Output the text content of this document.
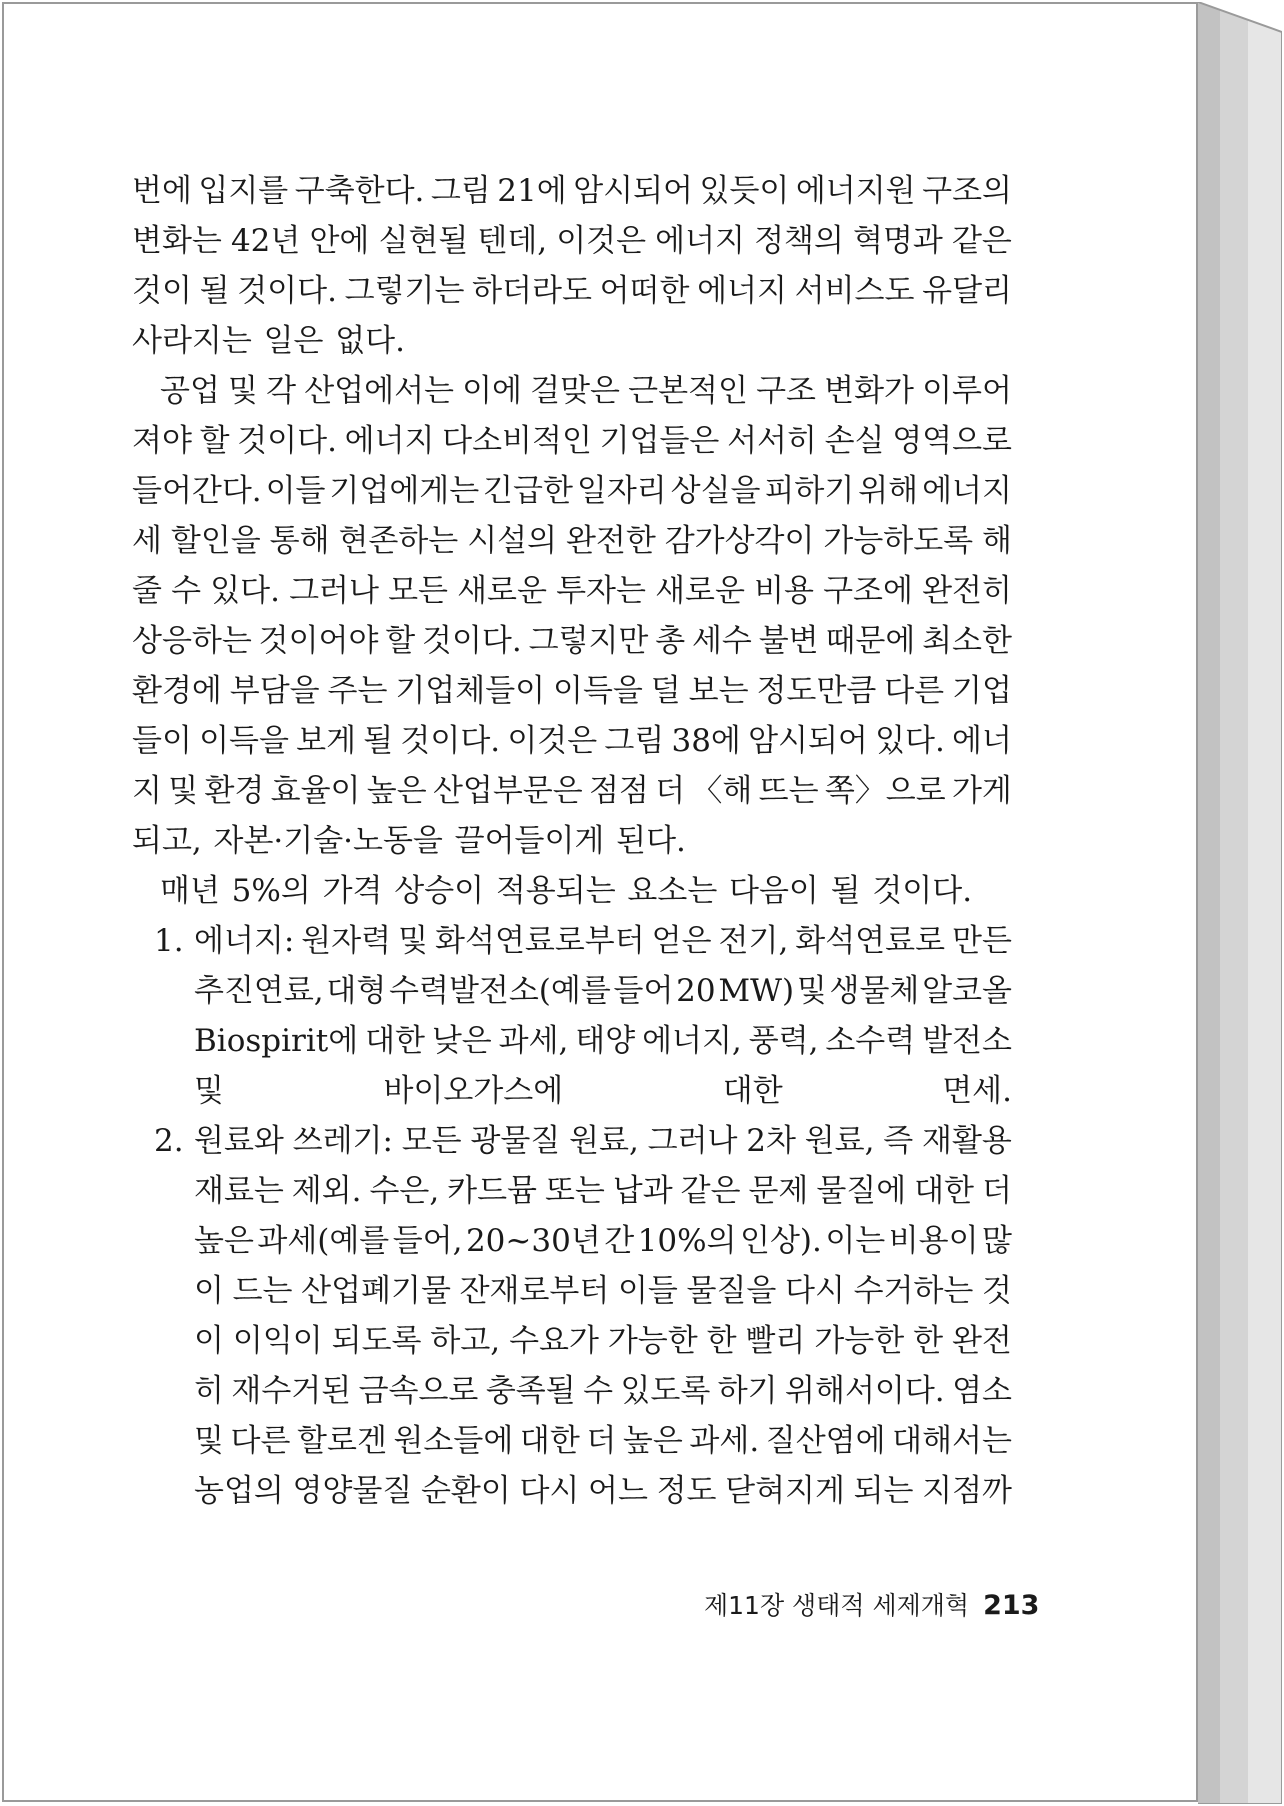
번에 입지를 구축한다. 그림 21에 암시되어 있듯이 에너지원 구조의
변화는 42년 안에 실현될 텐데, 이것은 에너지 정책의 혁명과 같은
것이 될 것이다. 그렇기는 하더라도 어떠한 에너지 서비스도 유달리
사라지는 일은 없다.
공업 및 각 산업에서는 이에 걸맞은 근본적인 구조 변화가 이루어
져야 할 것이다. 에너지 다소비적인 기업들은 서서히 손실 영역으로
들어간다. 이들 기업에게는 긴급한 일자리 상실을 피하기 위해 에너지
세 할인을 통해 현존하는 시설의 완전한 감가상각이 가능하도록 해
줄 수 있다. 그러나 모든 새로운 투자는 새로운 비용 구조에 완전히
상응하는 것이어야 할 것이다. 그렇지만 총 세수 불변 때문에 최소한
환경에 부담을 주는 기업체들이 이득을 덜 보는 정도만큼 다른 기업
들이 이득을 보게 될 것이다. 이것은 그림 38에 암시되어 있다. 에너
지 및 환경 효율이 높은 산업부문은 점점 더 〈해 뜨는 쪽〉으로 가게
되고, 자본·기술·노동을 끌어들이게 된다.
매년 5%의 가격 상승이 적용되는 요소는 다음이 될 것이다.
1. 에너지: 원자력 및 화석연료로부터 얻은 전기, 화석연료로 만든
추진연료, 대형 수력발전소(예를 들어 20 MW) 및 생물체 알코올
Biospirit에 대한 낮은 과세, 태양 에너지, 풍력, 소수력 발전소
및	바이오가스에	대한	면세.
2. 원료와 쓰레기: 모든 광물질 원료, 그러나 2차 원료, 즉 재활용
재료는 제외. 수은, 카드뮴 또는 납과 같은 문제 물질에 대한 더
높은 과세(예를 들어, 20~30년 간 10%의 인상). 이는 비용이 많
이 드는 산업폐기물 잔재로부터 이들 물질을 다시 수거하는 것
이 이익이 되도록 하고, 수요가 가능한 한 빨리 가능한 한 완전
히 재수거된 금속으로 충족될 수 있도록 하기 위해서이다. 염소
및 다른 할로겐 원소들에 대한 더 높은 과세. 질산염에 대해서는
농업의 영양물질 순환이 다시 어느 정도 닫혀지게 되는 지점까
제11장 생태적 세제개혁 213
